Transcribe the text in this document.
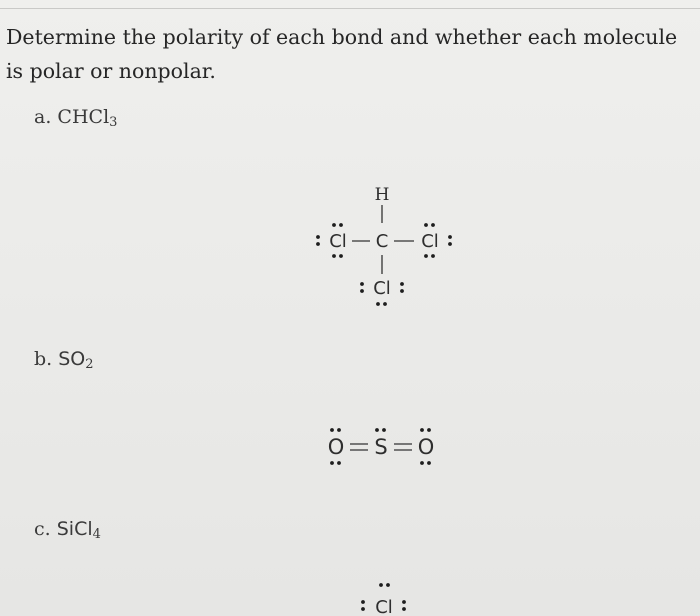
Determine the polarity of each bond and whether each molecule is polar or nonpolar.
a. CHCl$_3$
b. $SO_2$
c. SiCl$_4$
H
C
Cl	Cl
Cl
O S O
Cl
